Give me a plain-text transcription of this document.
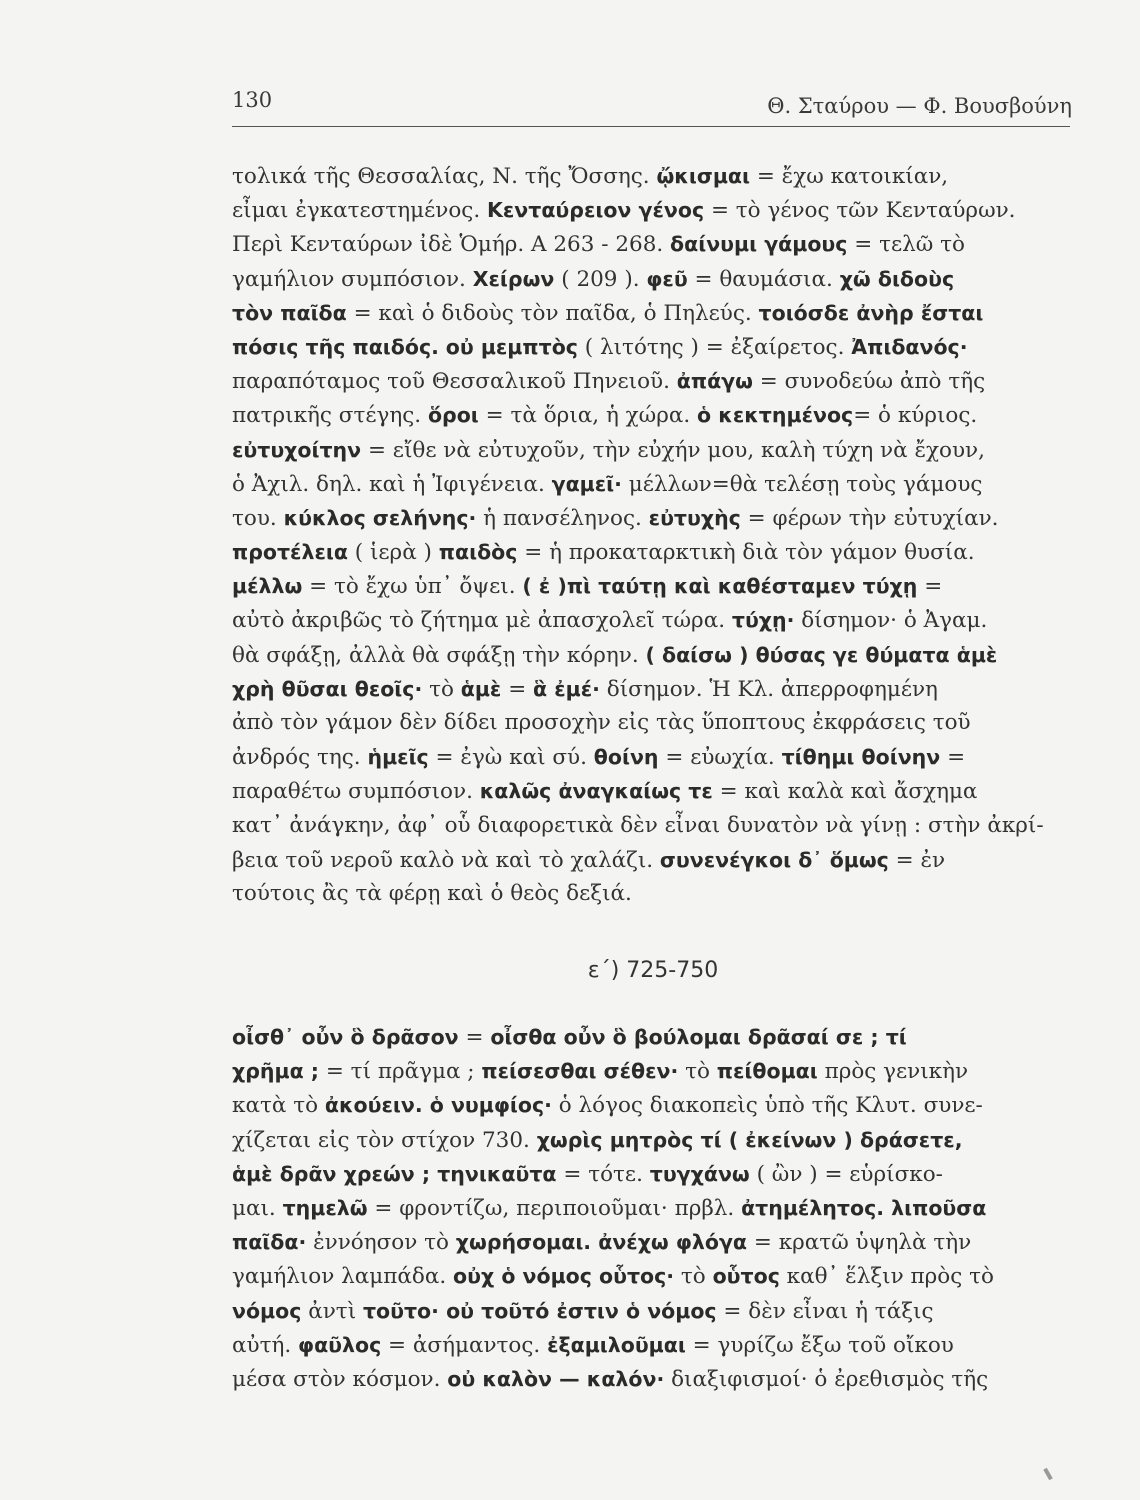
130	Θ. Σταύρου — Φ. Βουσβούνη
τολικά τῆς Θεσσαλίας, Ν. τῆς Ὄσσης. ᾤκισμαι = ἔχω κατοικίαν,
εἶμαι ἐγκατεστημένος. Κενταύρειον γένος = τὸ γένος τῶν Κενταύρων.
Περὶ Κενταύρων ἰδὲ Ὁμήρ. Α 263 - 268. δαίνυμι γάμους = τελῶ τὸ
γαμήλιον συμπόσιον. Χείρων ( 209 ). φεῦ = θαυμάσια. χῶ διδοὺς
τὸν παῖδα = καὶ ὁ διδοὺς τὸν παῖδα, ὁ Πηλεύς. τοιόσδε ἀνὴρ ἔσται
πόσις τῆς παιδός. οὐ μεμπτὸς ( λιτότης ) = ἐξαίρετος. Ἀπιδανός·
παραπόταμος τοῦ Θεσσαλικοῦ Πηνειοῦ. ἀπάγω = συνοδεύω ἀπὸ τῆς
πατρικῆς στέγης. ὅροι = τὰ ὅρια, ἡ χώρα. ὁ κεκτημένος= ὁ κύριος.
εὐτυχοίτην = εἴθε νὰ εὐτυχοῦν, τὴν εὐχήν μου, καλὴ τύχη νὰ ἔχουν,
ὁ Ἀχιλ. δηλ. καὶ ἡ Ἰφιγένεια. γαμεῖ· μέλλων=θὰ τελέσῃ τοὺς γάμους
του. κύκλος σελήνης· ἡ πανσέληνος. εὐτυχὴς = φέρων τὴν εὐτυχίαν.
προτέλεια ( ἱερὰ ) παιδὸς = ἡ προκαταρκτικὴ διὰ τὸν γάμον θυσία.
μέλλω = τὸ ἔχω ὑπ᾽ ὄψει. ( ἐ )πὶ ταύτῃ καὶ καθέσταμεν τύχῃ =
αὐτὸ ἀκριβῶς τὸ ζήτημα μὲ ἀπασχολεῖ τώρα. τύχῃ· δίσημον· ὁ Ἀγαμ.
θὰ σφάξῃ, ἀλλὰ θὰ σφάξῃ τὴν κόρην. ( δαίσω ) θύσας γε θύματα ἁμὲ
χρὴ θῦσαι θεοῖς· τὸ ἁμὲ = ἃ ἐμέ· δίσημον. Ἡ Κλ. ἀπερροφημένη
ἀπὸ τὸν γάμον δὲν δίδει προσοχὴν εἰς τὰς ὕποπτους ἐκφράσεις τοῦ
ἀνδρός της. ἡμεῖς = ἐγὼ καὶ σύ. θοίνη = εὐωχία. τίθημι θοίνην =
παραθέτω συμπόσιον. καλῶς ἀναγκαίως τε = καὶ καλὰ καὶ ἄσχημα
κατ᾽ ἀνάγκην, ἀφ᾽ οὗ διαφορετικὰ δὲν εἶναι δυνατὸν νὰ γίνῃ : στὴν ἀκρί-
βεια τοῦ νεροῦ καλὸ νὰ καὶ τὸ χαλάζι. συνενέγκοι δ᾽ ὅμως = ἐν
τούτοις ἂς τὰ φέρῃ καὶ ὁ θεὸς δεξιά.
ε΄) 725-750
οἶσθ᾽ οὖν ὃ δρᾶσον = οἶσθα οὖν ὃ βούλομαι δρᾶσαί σε ; τί
χρῆμα ; = τί πρᾶγμα ; πείσεσθαι σέθεν· τὸ πείθομαι πρὸς γενικὴν
κατὰ τὸ ἀκούειν. ὁ νυμφίος· ὁ λόγος διακοπεὶς ὑπὸ τῆς Κλυτ. συνε-
χίζεται εἰς τὸν στίχον 730. χωρὶς μητρὸς τί ( ἐκείνων ) δράσετε,
ἁμὲ δρᾶν χρεών ; τηνικαῦτα = τότε. τυγχάνω ( ὢν ) = εὑρίσκο-
μαι. τημελῶ = φροντίζω, περιποιοῦμαι· πρβλ. ἀτημέλητος. λιποῦσα
παῖδα· ἐννόησον τὸ χωρήσομαι. ἀνέχω φλόγα = κρατῶ ὑψηλὰ τὴν
γαμήλιον λαμπάδα. οὐχ ὁ νόμος οὗτος· τὸ οὗτος καθ᾽ ἕλξιν πρὸς τὸ
νόμος ἀντὶ τοῦτο· οὐ τοῦτό ἐστιν ὁ νόμος = δὲν εἶναι ἡ τάξις
αὐτή. φαῦλος = ἀσήμαντος. ἐξαμιλοῦμαι = γυρίζω ἔξω τοῦ οἴκου
μέσα στὸν κόσμον. οὐ καλὸν — καλόν· διαξιφισμοί· ὁ ἐρεθισμὸς τῆς
